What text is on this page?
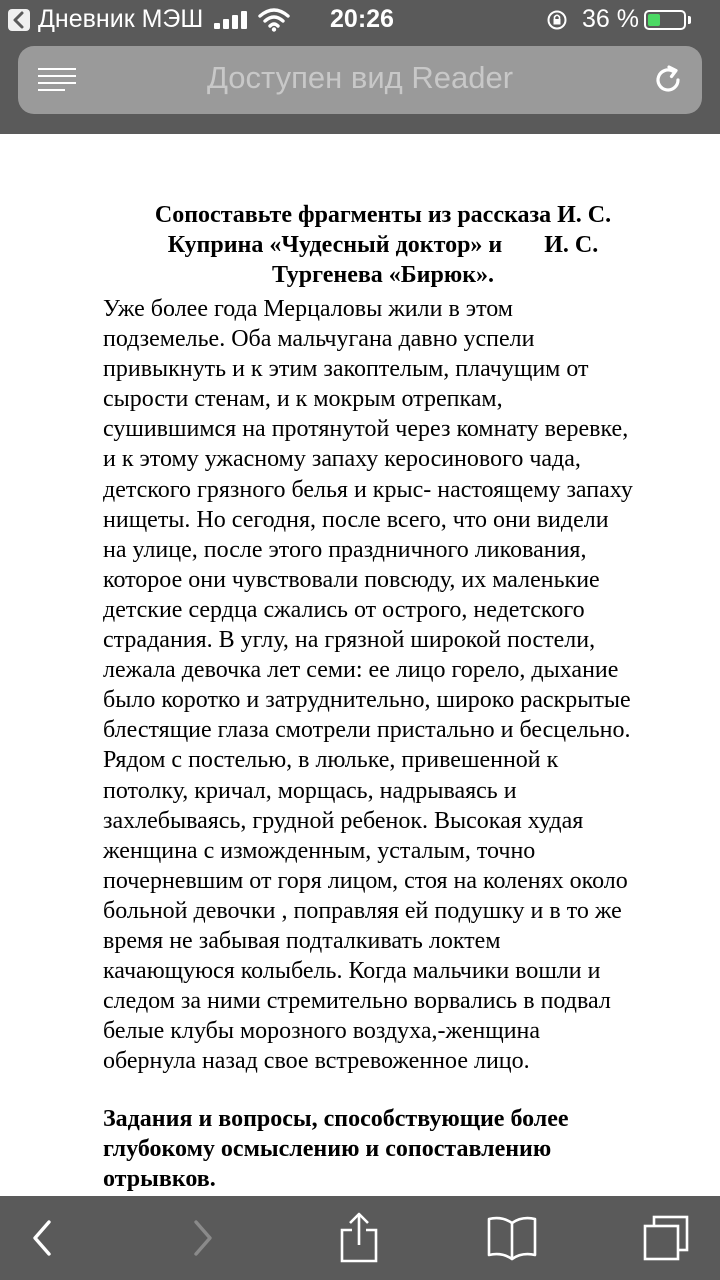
Дневник МЭШ	20:26	36 %
Доступен вид Reader
Сопоставьте фрагменты из рассказа И. С.
Куприна «Чудесный доктор» и       И. С.
Тургенева «Бирюк».
Уже более года Мерцаловы жили в этом
подземелье. Оба мальчугана давно успели
привыкнуть и к этим закоптелым, плачущим от
сырости стенам, и к мокрым отрепкам,
сушившимся на протянутой через комнату веревке,
и к этому ужасному запаху керосинового чада,
детского грязного белья и крыс- настоящему запаху
нищеты. Но сегодня, после всего, что они видели
на улице, после этого праздничного ликования,
которое они чувствовали повсюду, их маленькие
детские сердца сжались от острого, недетского
страдания. В углу, на грязной широкой постели,
лежала девочка лет семи: ее лицо горело, дыхание
было коротко и затруднительно, широко раскрытые
блестящие глаза смотрели пристально и бесцельно.
Рядом с постелью, в люльке, привешенной к
потолку, кричал, морщась, надрываясь и
захлебываясь, грудной ребенок. Высокая худая
женщина с изможденным, усталым, точно
почерневшим от горя лицом, стоя на коленях около
больной девочки , поправляя ей подушку и в то же
время не забывая подталкивать локтем
качающуюся колыбель. Когда мальчики вошли и
следом за ними стремительно ворвались в подвал
белые клубы морозного воздуха,-женщина
обернула назад свое встревоженное лицо.
Задания и вопросы, способствующие более
глубокому осмыслению и сопоставлению
отрывков.
